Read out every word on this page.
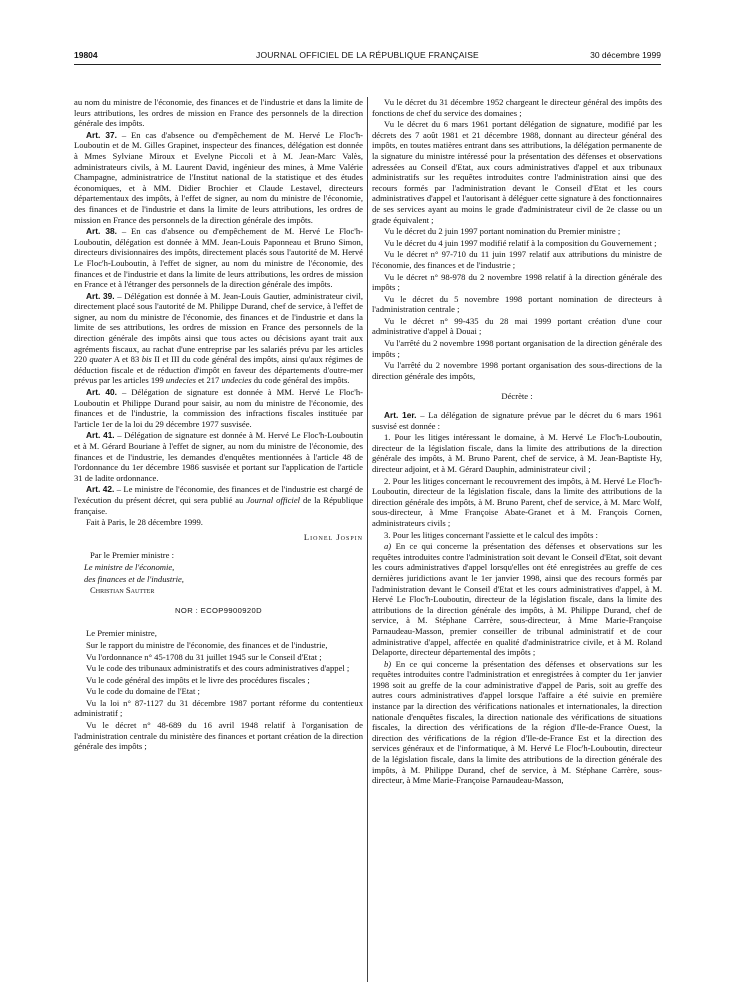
19804	JOURNAL OFFICIEL DE LA RÉPUBLIQUE FRANÇAISE	30 décembre 1999

au nom du ministre de l'économie, des finances et de l'industrie et dans la limite de leurs attributions, les ordres de mission en France des personnels de la direction générale des impôts.

Art. 37. – En cas d'absence ou d'empêchement de M. Hervé Le Floc'h-Louboutin et de M. Gilles Grapinet, inspecteur des finances, délégation est donnée à Mmes Sylviane Miroux et Evelyne Piccoli et à M. Jean-Marc Valès, administrateurs civils, à M. Laurent David, ingénieur des mines, à Mme Valérie Champagne, administratrice de l'Institut national de la statistique et des études économiques, et à MM. Didier Brochier et Claude Lestavel, directeurs départementaux des impôts, à l'effet de signer, au nom du ministre de l'économie, des finances et de l'industrie et dans la limite de leurs attributions, les ordres de mission en France des personnels de la direction générale des impôts.

Art. 38. – En cas d'absence ou d'empêchement de M. Hervé Le Floc'h-Louboutin, délégation est donnée à MM. Jean-Louis Paponneau et Bruno Simon, directeurs divisionnaires des impôts, directement placés sous l'autorité de M. Hervé Le Floc'h-Louboutin, à l'effet de signer, au nom du ministre de l'économie, des finances et de l'industrie et dans la limite de leurs attributions, les ordres de mission en France et à l'étranger des personnels de la direction générale des impôts.

Art. 39. – Délégation est donnée à M. Jean-Louis Gautier, administrateur civil, directement placé sous l'autorité de M. Philippe Durand, chef de service, à l'effet de signer, au nom du ministre de l'économie, des finances et de l'industrie et dans la limite de ses attributions, les ordres de mission en France des personnels de la direction générale des impôts ainsi que tous actes ou décisions ayant trait aux agréments fiscaux, au rachat d'une entreprise par les salariés prévu par les articles 220 quater A et 83 bis II et III du code général des impôts, ainsi qu'aux régimes de déduction fiscale et de réduction d'impôt en faveur des départements d'outre-mer prévus par les articles 199 undecies et 217 undecies du code général des impôts.

Art. 40. – Délégation de signature est donnée à MM. Hervé Le Floc'h-Louboutin et Philippe Durand pour saisir, au nom du ministre de l'économie, des finances et de l'industrie, la commission des infractions fiscales instituée par l'article 1er de la loi du 29 décembre 1977 susvisée.

Art. 41. – Délégation de signature est donnée à M. Hervé Le Floc'h-Louboutin et à M. Gérard Bouriane à l'effet de signer, au nom du ministre de l'économie, des finances et de l'industrie, les demandes d'enquêtes mentionnées à l'article 48 de l'ordonnance du 1er décembre 1986 susvisée et portant sur l'application de l'article 31 de ladite ordonnance.

Art. 42. – Le ministre de l'économie, des finances et de l'industrie est chargé de l'exécution du présent décret, qui sera publié au Journal officiel de la République française.

Fait à Paris, le 28 décembre 1999.

Lionel Jospin

Par le Premier ministre :

Le ministre de l'économie,

des finances et de l'industrie,

Christian Sautter

NOR : ECOP9900920D

Le Premier ministre,

Sur le rapport du ministre de l'économie, des finances et de l'industrie,

Vu l'ordonnance n° 45-1708 du 31 juillet 1945 sur le Conseil d'Etat ;

Vu le code des tribunaux administratifs et des cours administratives d'appel ;

Vu le code général des impôts et le livre des procédures fiscales ;

Vu le code du domaine de l'Etat ;

Vu la loi n° 87-1127 du 31 décembre 1987 portant réforme du contentieux administratif ;

Vu le décret n° 48-689 du 16 avril 1948 relatif à l'organisation de l'administration centrale du ministère des finances et portant création de la direction générale des impôts ;

Vu le décret du 31 décembre 1952 chargeant le directeur général des impôts des fonctions de chef du service des domaines ;

Vu le décret du 6 mars 1961 portant délégation de signature, modifié par les décrets des 7 août 1981 et 21 décembre 1988, donnant au directeur général des impôts, en toutes matières entrant dans ses attributions, la délégation permanente de la signature du ministre intéressé pour la présentation des défenses et observations adressées au Conseil d'Etat, aux cours administratives d'appel et aux tribunaux administratifs sur les requêtes introduites contre l'administration ainsi que des recours formés par l'administration devant le Conseil d'Etat et les cours administratives d'appel et l'autorisant à déléguer cette signature à des fonctionnaires de ses services ayant au moins le grade d'administrateur civil de 2e classe ou un grade équivalent ;

Vu le décret du 2 juin 1997 portant nomination du Premier ministre ;

Vu le décret du 4 juin 1997 modifié relatif à la composition du Gouvernement ;

Vu le décret n° 97-710 du 11 juin 1997 relatif aux attributions du ministre de l'économie, des finances et de l'industrie ;

Vu le décret n° 98-978 du 2 novembre 1998 relatif à la direction générale des impôts ;

Vu le décret du 5 novembre 1998 portant nomination de directeurs à l'administration centrale ;

Vu le décret n° 99-435 du 28 mai 1999 portant création d'une cour administrative d'appel à Douai ;

Vu l'arrêté du 2 novembre 1998 portant organisation de la direction générale des impôts ;

Vu l'arrêté du 2 novembre 1998 portant organisation des sous-directions de la direction générale des impôts,

Décrète :

Art. 1er. – La délégation de signature prévue par le décret du 6 mars 1961 susvisé est donnée :

1. Pour les litiges intéressant le domaine, à M. Hervé Le Floc'h-Louboutin, directeur de la législation fiscale, dans la limite des attributions de la direction générale des impôts, à M. Bruno Parent, chef de service, à M. Jean-Baptiste Hy, directeur adjoint, et à M. Gérard Dauphin, administrateur civil ;

2. Pour les litiges concernant le recouvrement des impôts, à M. Hervé Le Floc'h-Louboutin, directeur de la législation fiscale, dans la limite des attributions de la direction générale des impôts, à M. Bruno Parent, chef de service, à M. Marc Wolf, sous-directeur, à Mme Françoise Abate-Granet et à M. François Cornen, administrateurs civils ;

3. Pour les litiges concernant l'assiette et le calcul des impôts :

a) En ce qui concerne la présentation des défenses et observations sur les requêtes introduites contre l'administration soit devant le Conseil d'Etat, soit devant les cours administratives d'appel lorsqu'elles ont été enregistrées au greffe de ces dernières juridictions avant le 1er janvier 1998, ainsi que des recours formés par l'administration devant le Conseil d'Etat et les cours administratives d'appel, à M. Hervé Le Floc'h-Louboutin, directeur de la législation fiscale, dans la limite des attributions de la direction générale des impôts, à M. Philippe Durand, chef de service, à M. Stéphane Carrère, sous-directeur, à Mme Marie-Françoise Parnaudeau-Masson, premier conseiller de tribunal administratif et de cour administrative d'appel, affectée en qualité d'administratrice civile, et à M. Roland Delaporte, directeur départemental des impôts ;

b) En ce qui concerne la présentation des défenses et observations sur les requêtes introduites contre l'administration et enregistrées à compter du 1er janvier 1998 soit au greffe de la cour administrative d'appel de Paris, soit au greffe des autres cours administratives d'appel lorsque l'affaire a été suivie en première instance par la direction des vérifications nationales et internationales, la direction nationale d'enquêtes fiscales, la direction nationale des vérifications de situations fiscales, la direction des vérifications de la région d'Ile-de-France Ouest, la direction des vérifications de la région d'Ile-de-France Est et la direction des services généraux et de l'informatique, à M. Hervé Le Floc'h-Louboutin, directeur de la législation fiscale, dans la limite des attributions de la direction générale des impôts, à M. Philippe Durand, chef de service, à M. Stéphane Carrère, sous-directeur, à Mme Marie-Françoise Parnaudeau-Masson,
